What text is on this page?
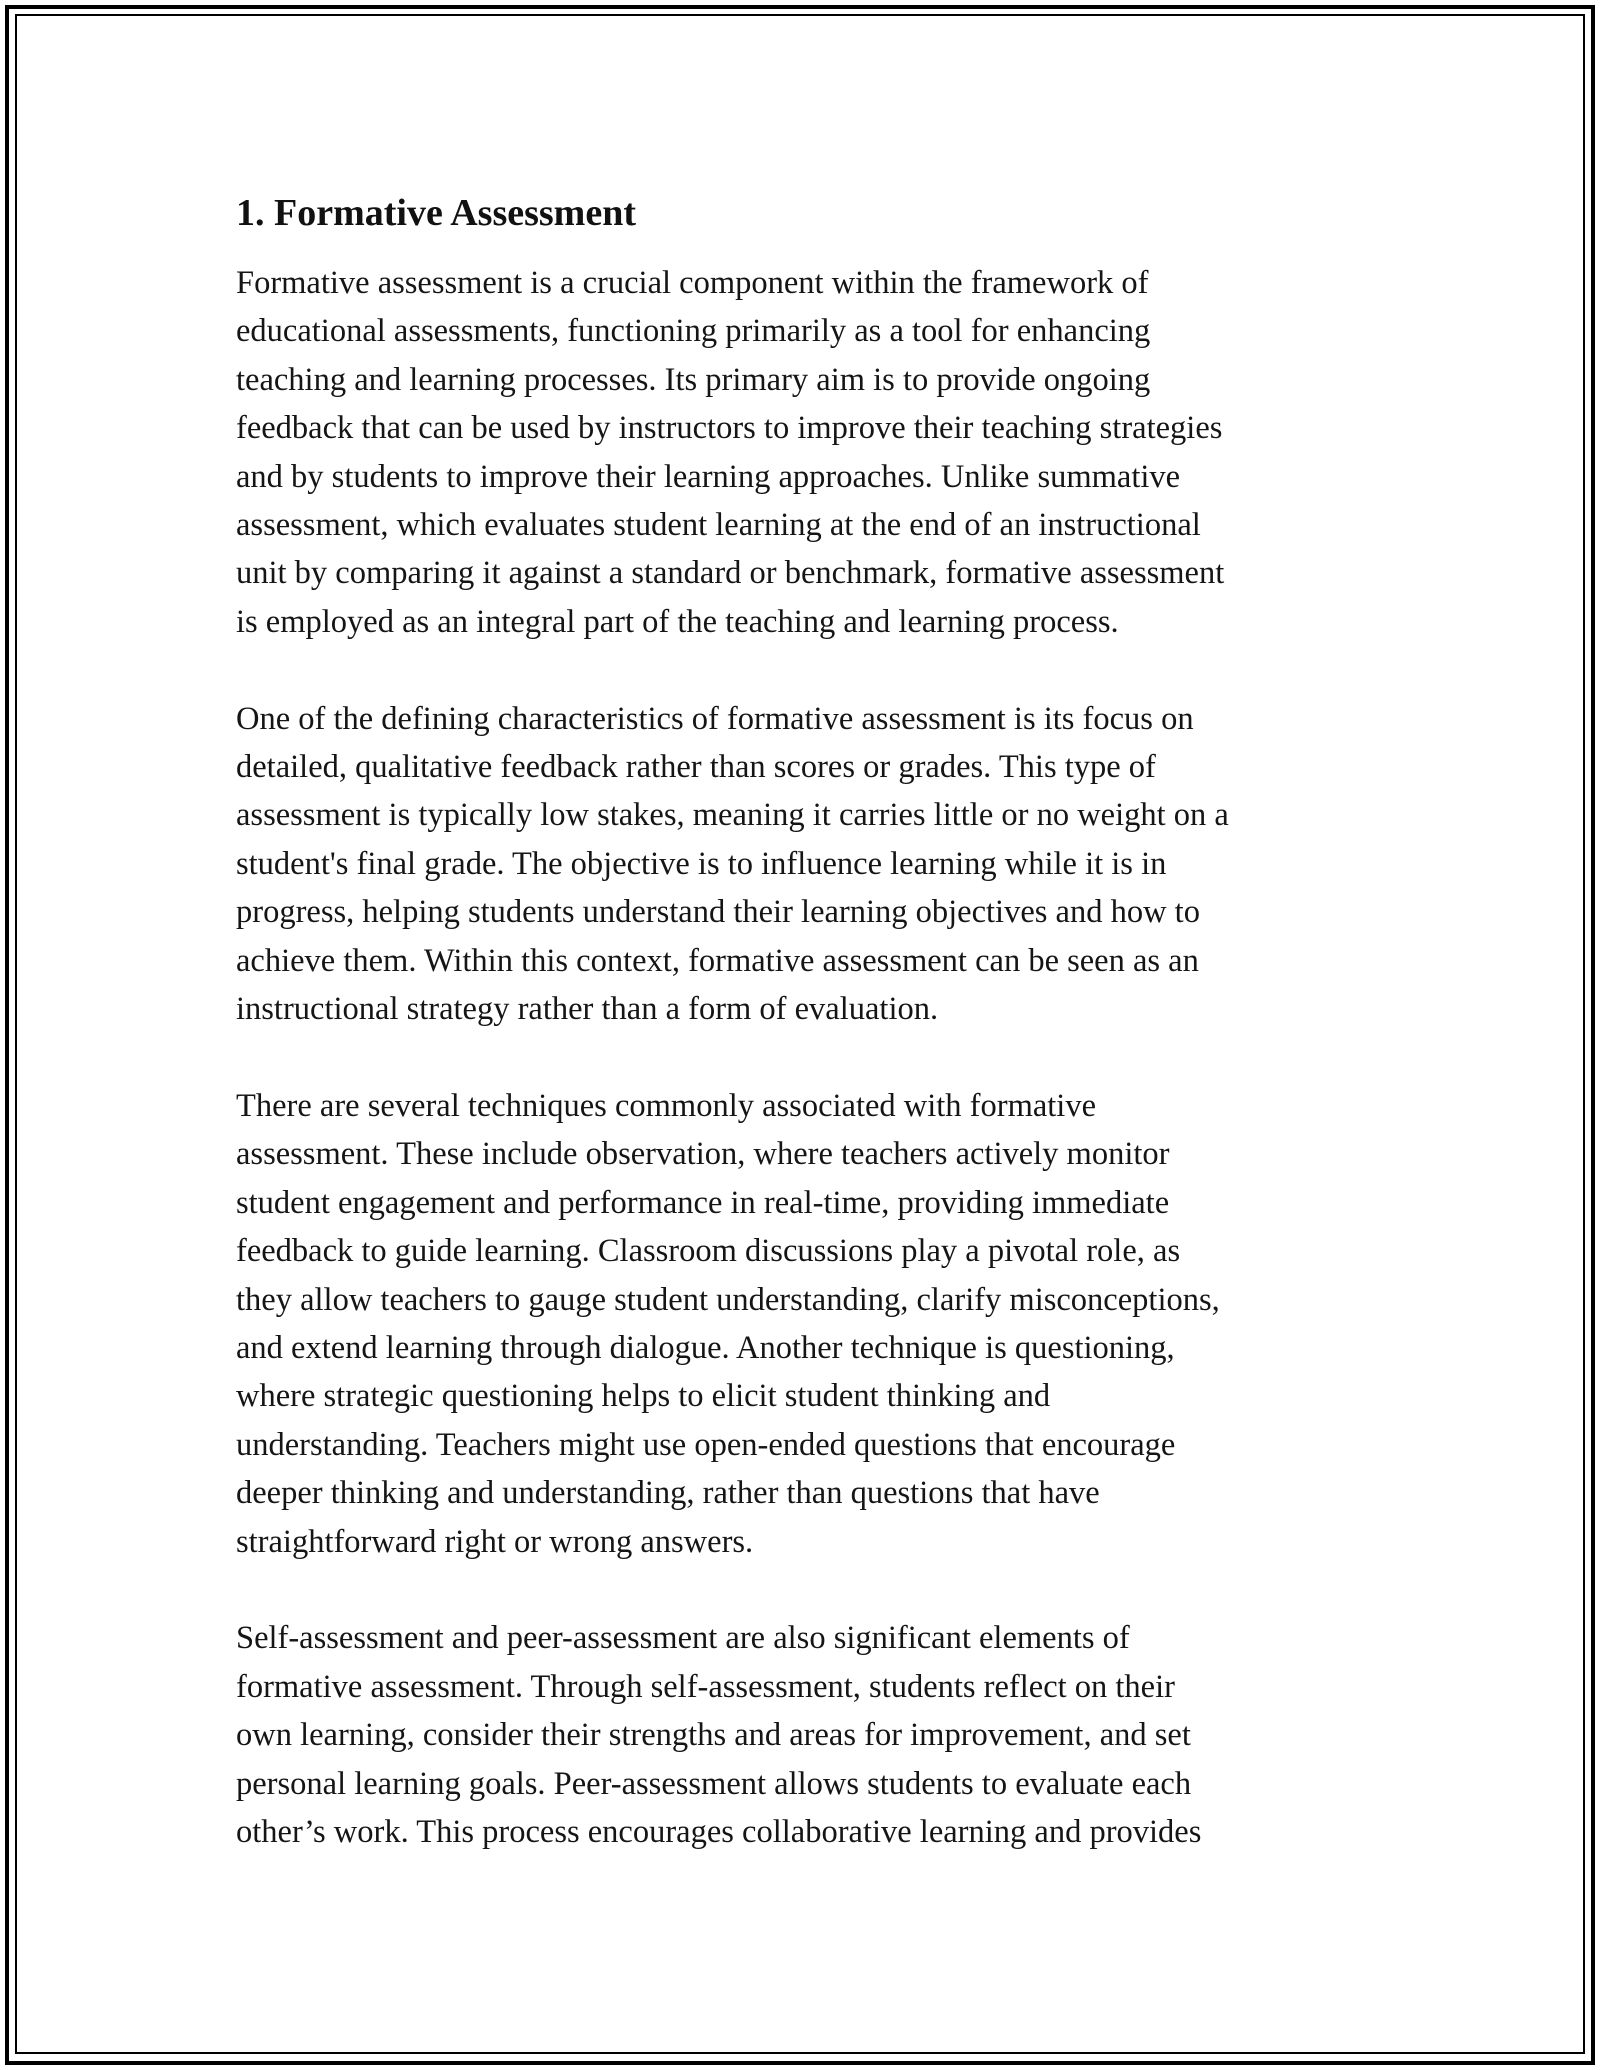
1. Formative Assessment

Formative assessment is a crucial component within the framework of
educational assessments, functioning primarily as a tool for enhancing
teaching and learning processes. Its primary aim is to provide ongoing
feedback that can be used by instructors to improve their teaching strategies
and by students to improve their learning approaches. Unlike summative
assessment, which evaluates student learning at the end of an instructional
unit by comparing it against a standard or benchmark, formative assessment
is employed as an integral part of the teaching and learning process.

One of the defining characteristics of formative assessment is its focus on
detailed, qualitative feedback rather than scores or grades. This type of
assessment is typically low stakes, meaning it carries little or no weight on a
student's final grade. The objective is to influence learning while it is in
progress, helping students understand their learning objectives and how to
achieve them. Within this context, formative assessment can be seen as an
instructional strategy rather than a form of evaluation.

There are several techniques commonly associated with formative
assessment. These include observation, where teachers actively monitor
student engagement and performance in real-time, providing immediate
feedback to guide learning. Classroom discussions play a pivotal role, as
they allow teachers to gauge student understanding, clarify misconceptions,
and extend learning through dialogue. Another technique is questioning,
where strategic questioning helps to elicit student thinking and
understanding. Teachers might use open-ended questions that encourage
deeper thinking and understanding, rather than questions that have
straightforward right or wrong answers.

Self-assessment and peer-assessment are also significant elements of
formative assessment. Through self-assessment, students reflect on their
own learning, consider their strengths and areas for improvement, and set
personal learning goals. Peer-assessment allows students to evaluate each
other’s work. This process encourages collaborative learning and provides
